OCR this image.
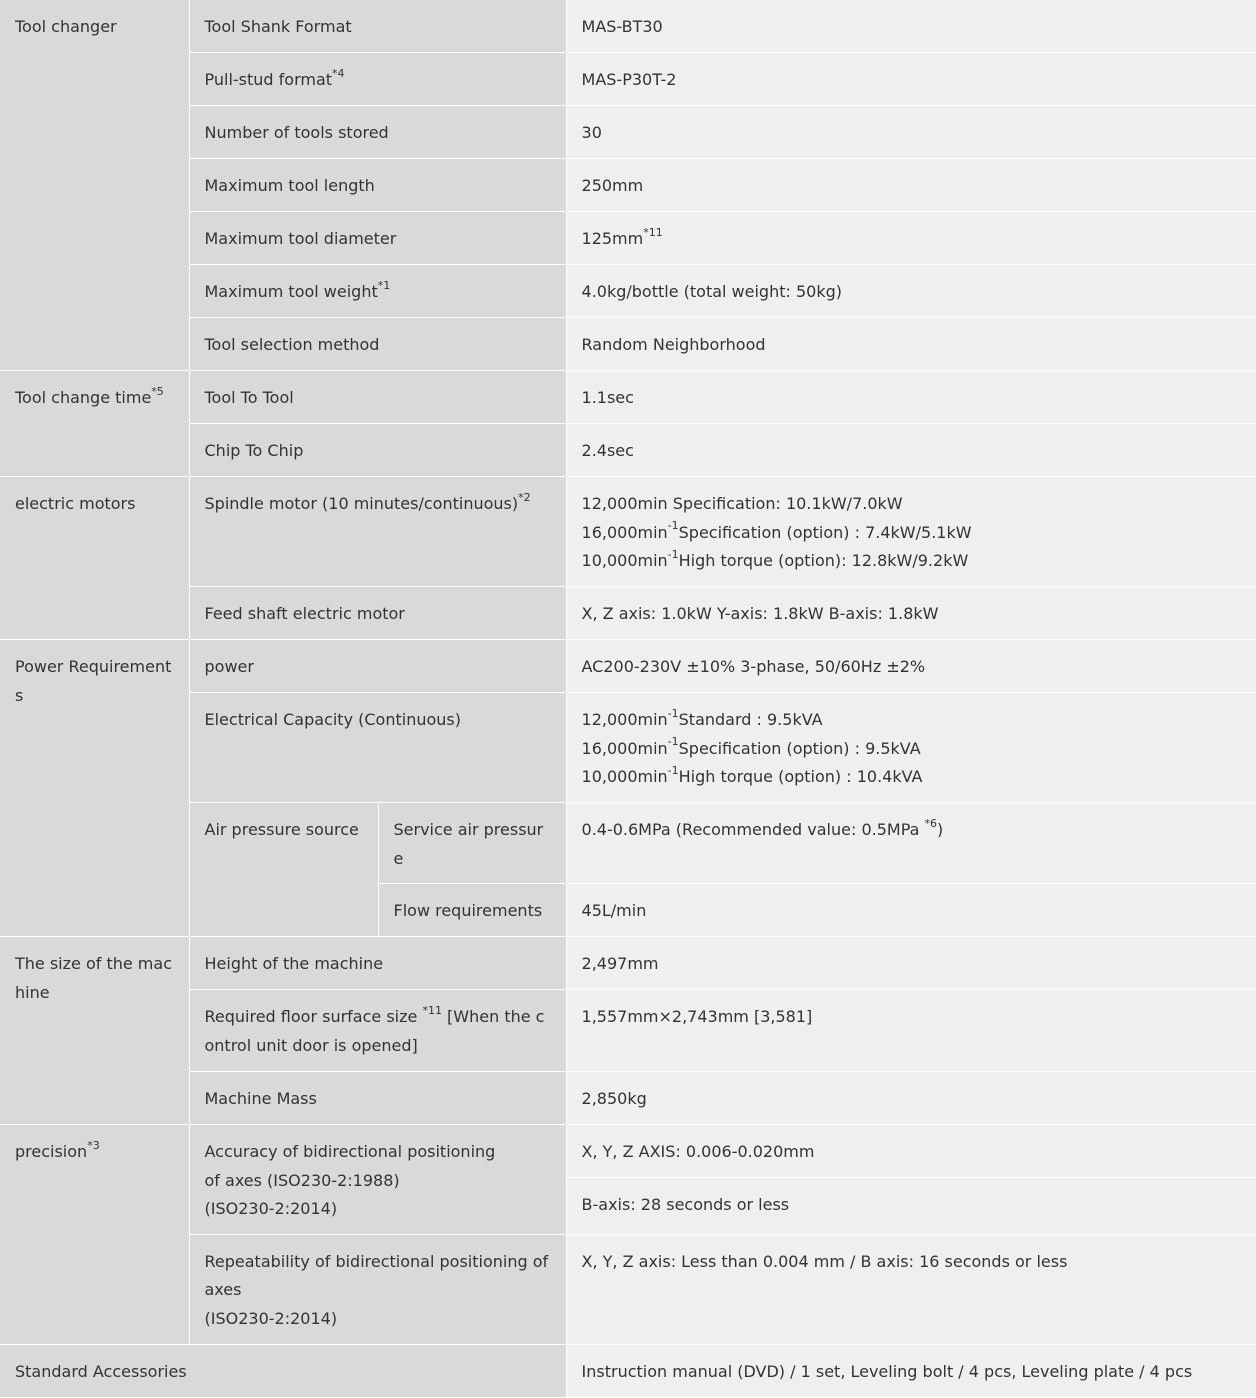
Tool changer	Tool Shank Format		MAS-BT30
	Pull-stud format$^{*4}$		MAS-P30T-2
	Number of tools stored		30
	Maximum tool length		250mm
	Maximum tool diameter		$125mm^{*11}$
	Maximum tool weight$^{*1}$		4.0kg/bottle (total weight: 50kg)
	Tool selection method		Random Neighborhood
Tool change time$^{*5}$	Tool To Tool		1.1sec
	Chip To Chip		2.4sec
electric motors	Spindle motor (10 minutes/continuous)$^{*2}$		12,000min Specification: 10.1kW/7.0kW
$16,000\min^{-1}Specification$ (option) : 7.4kW/5.1kW
$10,000\min^{-1}High$ torque (option): 12.8kW/9.2kW

	Feed shaft electric motor		X, Z axis: 1.0kW Y-axis: 1.8kW B-axis: 1.8kW
Power Requirements	power		AC200-230V ±10% 3-phase, 50/60Hz ±2%
	Electrical Capacity (Continuous)		$12,000\min^{-1}Standard$ : 9.5kVA
$16,000\min^{-1}Specification$ (option) : 9.5kVA
$10,000\min^{-1}High$ torque (option) : 10.4kVA

	Air pressure source	Service air pressure	0.4-0.6MPa (Recommended value: 0.5MPa $^{*6}$)
		Flow requirements	45L/min
The size of the machine	Height of the machine		2,497mm
	Required floor surface size $^{*11}$ [When the control unit door is opened]		1,557mm×2,743mm [3,581]
	Machine Mass		2,850kg
precision$^{*3}$	Accuracy of bidirectional positioning
of axes (ISO230-2:1988)
(ISO230-2:2014)		X, Y, Z AXIS: 0.006-0.020mm
			B-axis: 28 seconds or less

	Repeatability of bidirectional positioning of axes
(ISO230-2:2014)		X, Y, Z axis: Less than 0.004 mm / B axis: 16 seconds or less
Standard Accessories			Instruction manual (DVD) / 1 set, Leveling bolt / 4 pcs, Leveling plate / 4 pcs
